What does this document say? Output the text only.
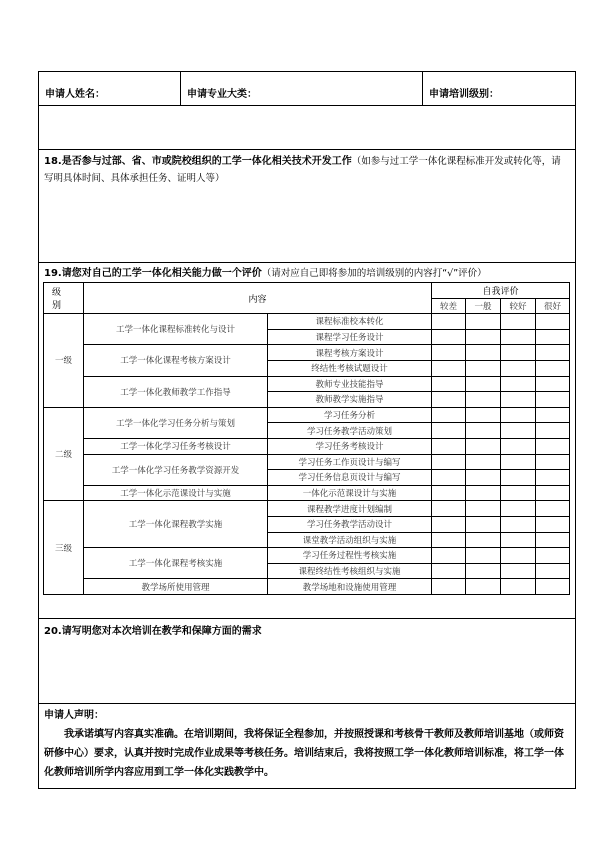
申请人姓名：	申请专业大类：	申请培训级别：
18.是否参与过部、省、市或院校组织的工学一体化相关技术开发工作（如参与过工学一体化课程标准开发或转化等，请写明具体时间、具体承担任务、证明人等）
19.请您对自己的工学一体化相关能力做一个评价（请对应自己即将参加的培训级别的内容打“√”评价）
级别	内容		自我评价			
			较差	一般	较好	很好
一级	工学一体化课程标准转化与设计	课程标准校本转化				
		课程学习任务设计				
	工学一体化课程考核方案设计	课程考核方案设计				
		终结性考核试题设计				
	工学一体化教师教学工作指导	教师专业技能指导				
		教师教学实施指导				
二级	工学一体化学习任务分析与策划	学习任务分析				
		学习任务教学活动策划				
	工学一体化学习任务考核设计	学习任务考核设计				
	工学一体化学习任务教学资源开发	学习任务工作页设计与编写				
		学习任务信息页设计与编写				
	工学一体化示范课设计与实施	一体化示范课设计与实施				
三级	工学一体化课程教学实施	课程教学进度计划编制				
		学习任务教学活动设计				
		课堂教学活动组织与实施				
	工学一体化课程考核实施	学习任务过程性考核实施				
		课程终结性考核组织与实施				
	教学场所使用管理	教学场地和设施使用管理				
20.请写明您对本次培训在教学和保障方面的需求

申请人声明：

我承诺填写内容真实准确。在培训期间，我将保证全程参加，并按照授课和考核骨干教师及教师培训基地（或师资研修中心）要求，认真并按时完成作业成果等考核任务。培训结束后，我将按照工学一体化教师培训标准，将工学一体化教师培训所学内容应用到工学一体化实践教学中。
